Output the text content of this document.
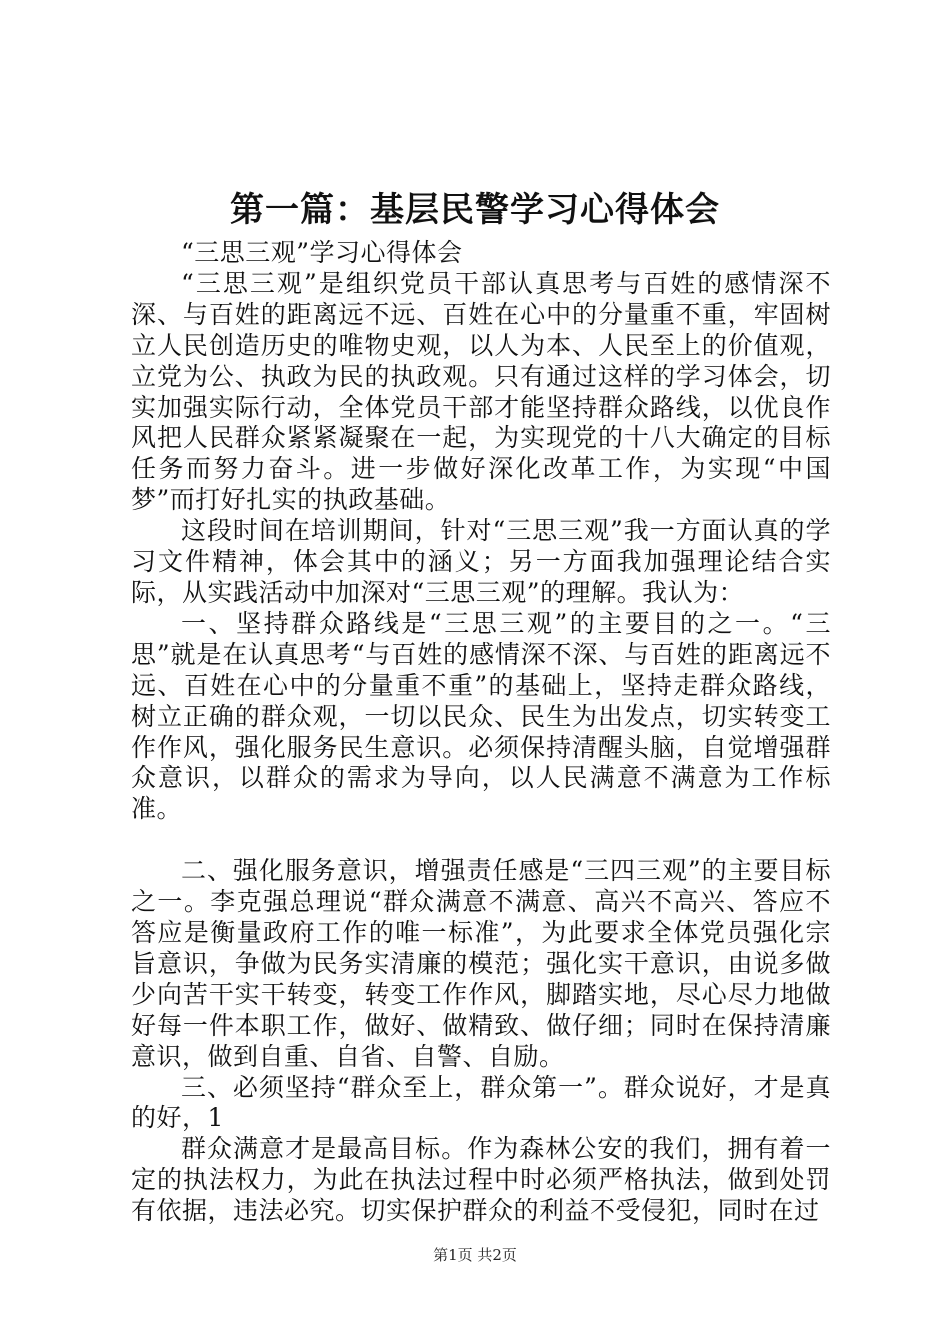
第一篇：基层民警学习心得体会

“三思三观”学习心得体会

“三思三观”是组织党员干部认真思考与百姓的感情深不深、与百姓的距离远不远、百姓在心中的分量重不重，牢固树立人民创造历史的唯物史观，以人为本、人民至上的价值观，立党为公、执政为民的执政观。只有通过这样的学习体会，切实加强实际行动，全体党员干部才能坚持群众路线，以优良作风把人民群众紧紧凝聚在一起，为实现党的十八大确定的目标任务而努力奋斗。进一步做好深化改革工作，为实现“中国梦”而打好扎实的执政基础。

这段时间在培训期间，针对“三思三观”我一方面认真的学习文件精神，体会其中的涵义；另一方面我加强理论结合实际，从实践活动中加深对“三思三观”的理解。我认为：

一、坚持群众路线是“三思三观”的主要目的之一。“三思”就是在认真思考“与百姓的感情深不深、与百姓的距离远不远、百姓在心中的分量重不重”的基础上，坚持走群众路线，树立正确的群众观，一切以民众、民生为出发点，切实转变工作作风，强化服务民生意识。必须保持清醒头脑，自觉增强群众意识，以群众的需求为导向，以人民满意不满意为工作标准。

二、强化服务意识，增强责任感是“三四三观”的主要目标之一。李克强总理说“群众满意不满意、高兴不高兴、答应不答应是衡量政府工作的唯一标准”，为此要求全体党员强化宗旨意识，争做为民务实清廉的模范；强化实干意识，由说多做少向苦干实干转变，转变工作作风，脚踏实地，尽心尽力地做好每一件本职工作，做好、做精致、做仔细；同时在保持清廉意识，做到自重、自省、自警、自励。

三、必须坚持“群众至上，群众第一”。群众说好，才是真的好，1

群众满意才是最高目标。作为森林公安的我们，拥有着一定的执法权力，为此在执法过程中时必须严格执法，做到处罚有依据，违法必究。切实保护群众的利益不受侵犯，同时在过

第1页 共2页
